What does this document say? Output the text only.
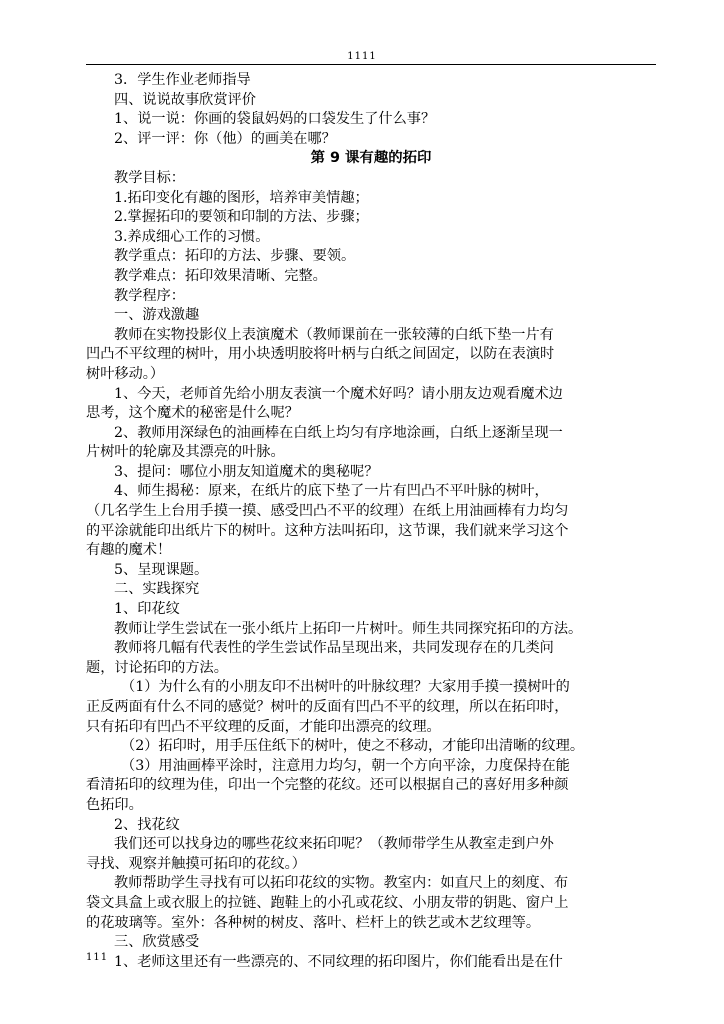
1111

3．学生作业老师指导

四、说说故事欣赏评价

1、说一说：你画的袋鼠妈妈的口袋发生了什么事？

2、评一评：你（他）的画美在哪？

第 9 课有趣的拓印

教学目标：

1.拓印变化有趣的图形，培养审美情趣；

2.掌握拓印的要领和印制的方法、步骤；

3.养成细心工作的习惯。

教学重点：拓印的方法、步骤、要领。

教学难点：拓印效果清晰、完整。

教学程序：

一、游戏激趣

教师在实物投影仪上表演魔术（教师课前在一张较薄的白纸下垫一片有

凹凸不平纹理的树叶，用小块透明胶将叶柄与白纸之间固定，以防在表演时

树叶移动。）

1、今天，老师首先给小朋友表演一个魔术好吗？请小朋友边观看魔术边

思考，这个魔术的秘密是什么呢？

2、教师用深绿色的油画棒在白纸上均匀有序地涂画，白纸上逐渐呈现一

片树叶的轮廓及其漂亮的叶脉。

3、提问：哪位小朋友知道魔术的奥秘呢？

4、师生揭秘：原来，在纸片的底下垫了一片有凹凸不平叶脉的树叶，

（几名学生上台用手摸一摸、感受凹凸不平的纹理）在纸上用油画棒有力均匀

的平涂就能印出纸片下的树叶。这种方法叫拓印，这节课，我们就来学习这个

有趣的魔术！

5、呈现课题。

二、实践探究

1、印花纹

教师让学生尝试在一张小纸片上拓印一片树叶。师生共同探究拓印的方法。

教师将几幅有代表性的学生尝试作品呈现出来，共同发现存在的几类问

题，讨论拓印的方法。

（1）为什么有的小朋友印不出树叶的叶脉纹理？大家用手摸一摸树叶的

正反两面有什么不同的感觉？树叶的反面有凹凸不平的纹理，所以在拓印时，

只有拓印有凹凸不平纹理的反面，才能印出漂亮的纹理。

（2）拓印时，用手压住纸下的树叶，使之不移动，才能印出清晰的纹理。

（3）用油画棒平涂时，注意用力均匀，朝一个方向平涂，力度保持在能

看清拓印的纹理为佳，印出一个完整的花纹。还可以根据自己的喜好用多种颜

色拓印。

2、找花纹

我们还可以找身边的哪些花纹来拓印呢？（教师带学生从教室走到户外

寻找、观察并触摸可拓印的花纹。）

教师帮助学生寻找有可以拓印花纹的实物。教室内：如直尺上的刻度、布

袋文具盒上或衣服上的拉链、跑鞋上的小孔或花纹、小朋友带的钥匙、窗户上

的花玻璃等。室外：各种树的树皮、落叶、栏杆上的铁艺或木艺纹理等。

三、欣赏感受

1、老师这里还有一些漂亮的、不同纹理的拓印图片，你们能看出是在什

111
